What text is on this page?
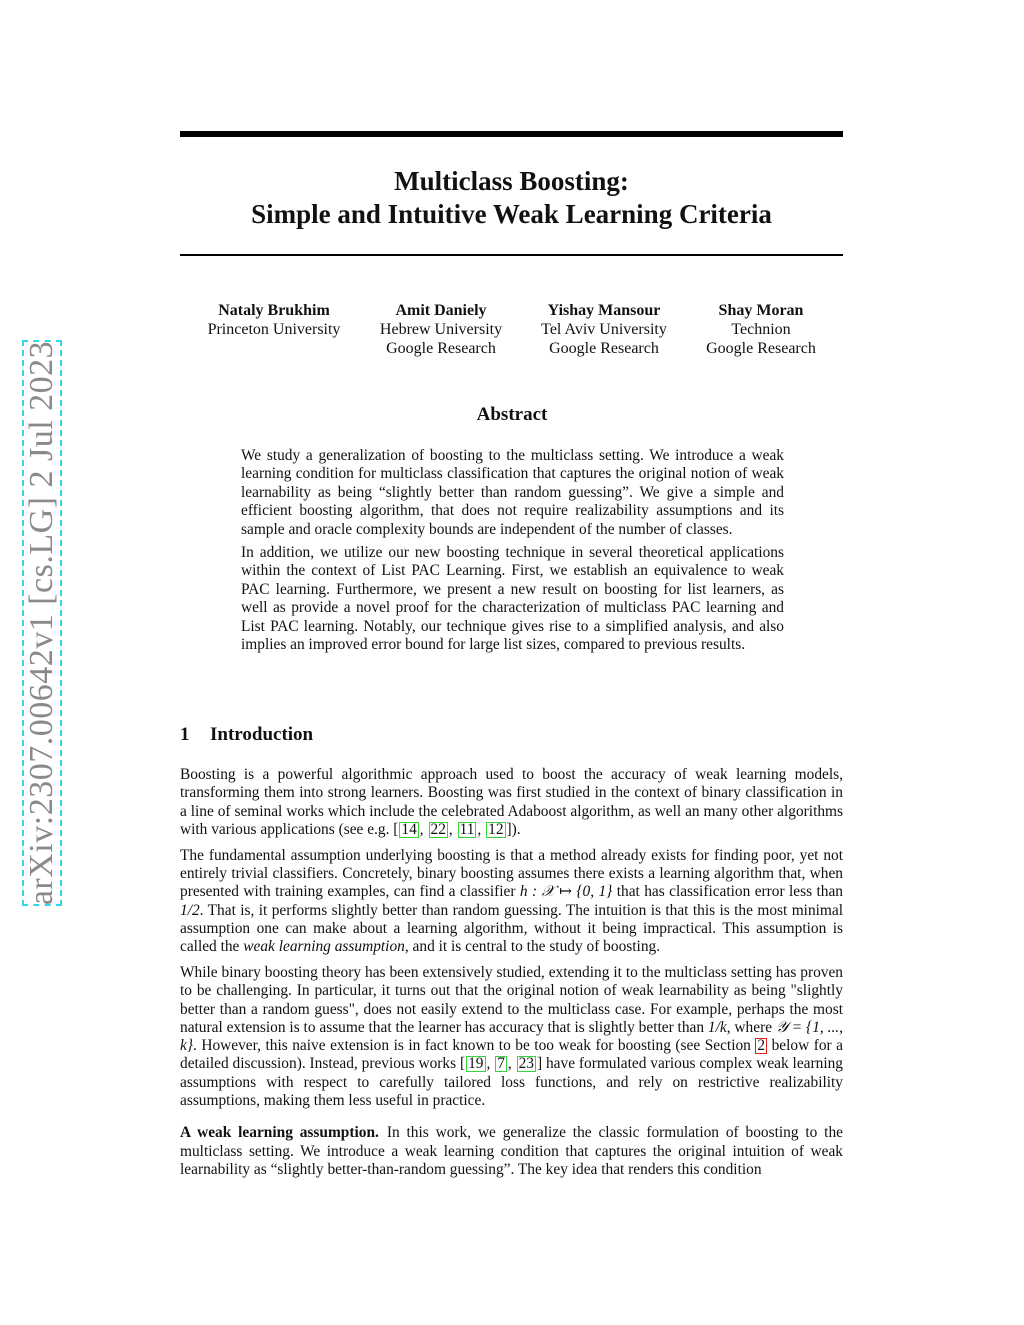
arXiv:2307.00642v1 [cs.LG] 2 Jul 2023
Multiclass Boosting:
Simple and Intuitive Weak Learning Criteria
Nataly Brukhim
Princeton University
Amit Daniely
Hebrew University
Google Research
Yishay Mansour
Tel Aviv University
Google Research
Shay Moran
Technion
Google Research
Abstract

We study a generalization of boosting to the multiclass setting. We introduce a weak learning condition for multiclass classification that captures the original notion of weak learnability as being “slightly better than random guessing”. We give a simple and efficient boosting algorithm, that does not require realizability assumptions and its sample and oracle complexity bounds are independent of the number of classes.

In addition, we utilize our new boosting technique in several theoretical applications within the context of List PAC Learning. First, we establish an equivalence to weak PAC learning. Furthermore, we present a new result on boosting for list learners, as well as provide a novel proof for the characterization of multiclass PAC learning and List PAC learning. Notably, our technique gives rise to a simplified analysis, and also implies an improved error bound for large list sizes, compared to previous results.

1 Introduction

Boosting is a powerful algorithmic approach used to boost the accuracy of weak learning models, transforming them into strong learners. Boosting was first studied in the context of binary classification in a line of seminal works which include the celebrated Adaboost algorithm, as well an many other algorithms with various applications (see e.g. [ 14 , 22 , 11 , 12 ]).

The fundamental assumption underlying boosting is that a method already exists for finding poor, yet not entirely trivial classifiers. Concretely, binary boosting assumes there exists a learning algorithm that, when presented with training examples, can find a classifier h : 𝒳 ↦ {0, 1} that has classification error less than 1/2. That is, it performs slightly better than random guessing. The intuition is that this is the most minimal assumption one can make about a learning algorithm, without it being impractical. This assumption is called the weak learning assumption, and it is central to the study of boosting.

While binary boosting theory has been extensively studied, extending it to the multiclass setting has proven to be challenging. In particular, it turns out that the original notion of weak learnability as being "slightly better than a random guess", does not easily extend to the multiclass case. For example, perhaps the most natural extension is to assume that the learner has accuracy that is slightly better than 1/k, where 𝒴 = {1, ..., k}. However, this naive extension is in fact known to be too weak for boosting (see Section 2 below for a detailed discussion). Instead, previous works [ 19 , 7 , 23 ] have formulated various complex weak learning assumptions with respect to carefully tailored loss functions, and rely on restrictive realizability assumptions, making them less useful in practice.

A weak learning assumption. In this work, we generalize the classic formulation of boosting to the multiclass setting. We introduce a weak learning condition that captures the original intuition of weak learnability as “slightly better-than-random guessing”. The key idea that renders this condition
